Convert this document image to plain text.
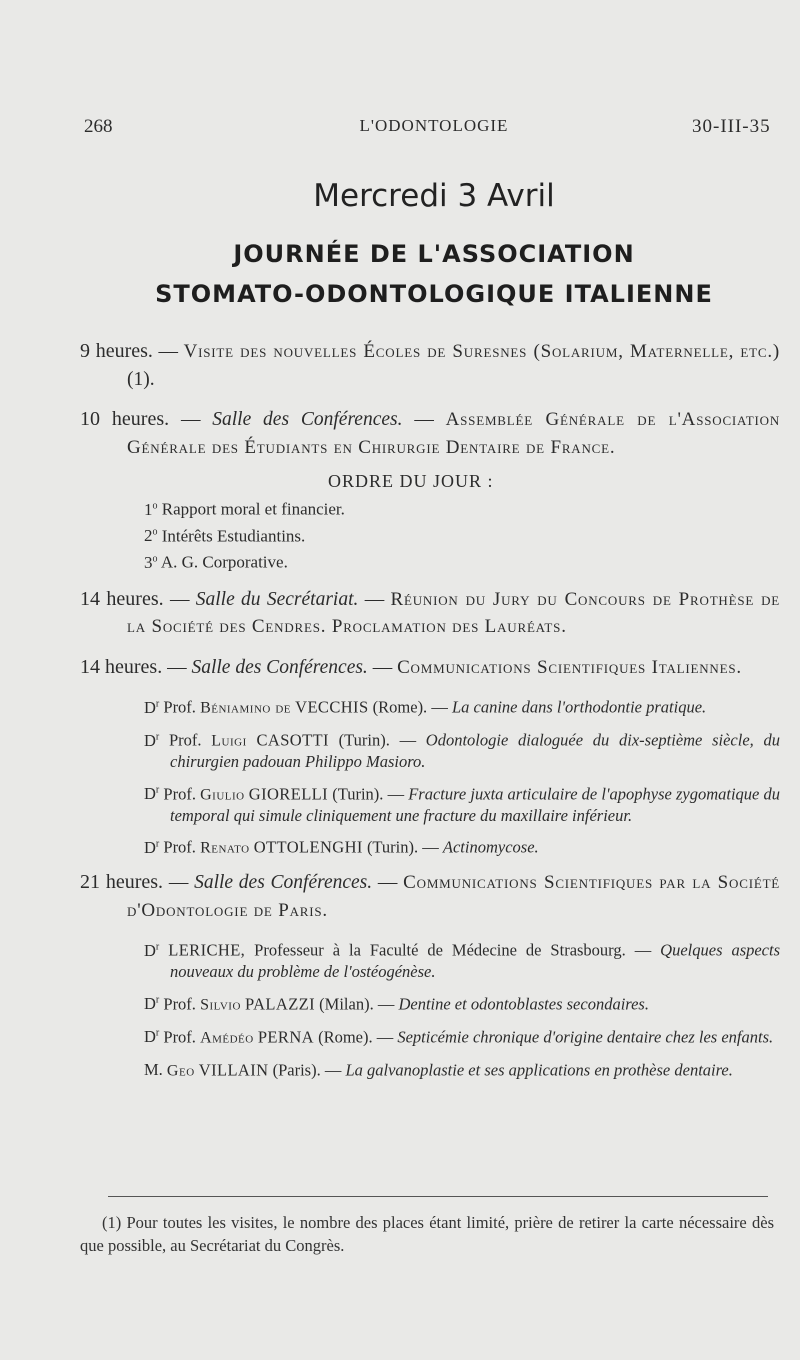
268	L'ODONTOLOGIE	30-III-35
Mercredi 3 Avril
JOURNÉE DE L'ASSOCIATION
STOMATO-ODONTOLOGIQUE ITALIENNE

9 heures. — Visite des nouvelles Écoles de Suresnes (Solarium, Maternelle, etc.) (1).

10 heures. — Salle des Conférences. — Assemblée Générale de l'Association Générale des Étudiants en Chirurgie Dentaire de France.

ORDRE DU JOUR :
1$^o$ Rapport moral et financier.
2$^o$ Intérêts Estudiantins.
3$^o$ A. G. Corporative.

14 heures. — Salle du Secrétariat. — Réunion du Jury du Concours de Prothèse de la Société des Cendres. Proclamation des Lauréats.

14 heures. — Salle des Conférences. — Communications Scientifiques Italiennes.

$D^r$ Prof. Béniamino de VECCHIS (Rome). — La canine dans l'orthodontie pratique.

$D^r$ Prof. Luigi CASOTTI (Turin). — Odontologie dialoguée du dix-septième siècle, du chirurgien padouan Philippo Masioro.

$D^r$ Prof. Giulio GIORELLI (Turin). — Fracture juxta articulaire de l'apophyse zygomatique du temporal qui simule cliniquement une fracture du maxillaire inférieur.

$D^r$ Prof. Renato OTTOLENGHI (Turin). — Actinomycose.

21 heures. — Salle des Conférences. — Communications Scientifiques par la Société d'Odontologie de Paris.

$D^r$ LERICHE, Professeur à la Faculté de Médecine de Strasbourg. — Quelques aspects nouveaux du problème de l'ostéogénèse.

$D^r$ Prof. Silvio PALAZZI (Milan). — Dentine et odontoblastes secondaires.

$D^r$ Prof. Amédéo PERNA (Rome). — Septicémie chronique d'origine dentaire chez les enfants.

M. Geo VILLAIN (Paris). — La galvanoplastie et ses applications en prothèse dentaire.

(1) Pour toutes les visites, le nombre des places étant limité, prière de retirer la carte nécessaire dès que possible, au Secrétariat du Congrès.
